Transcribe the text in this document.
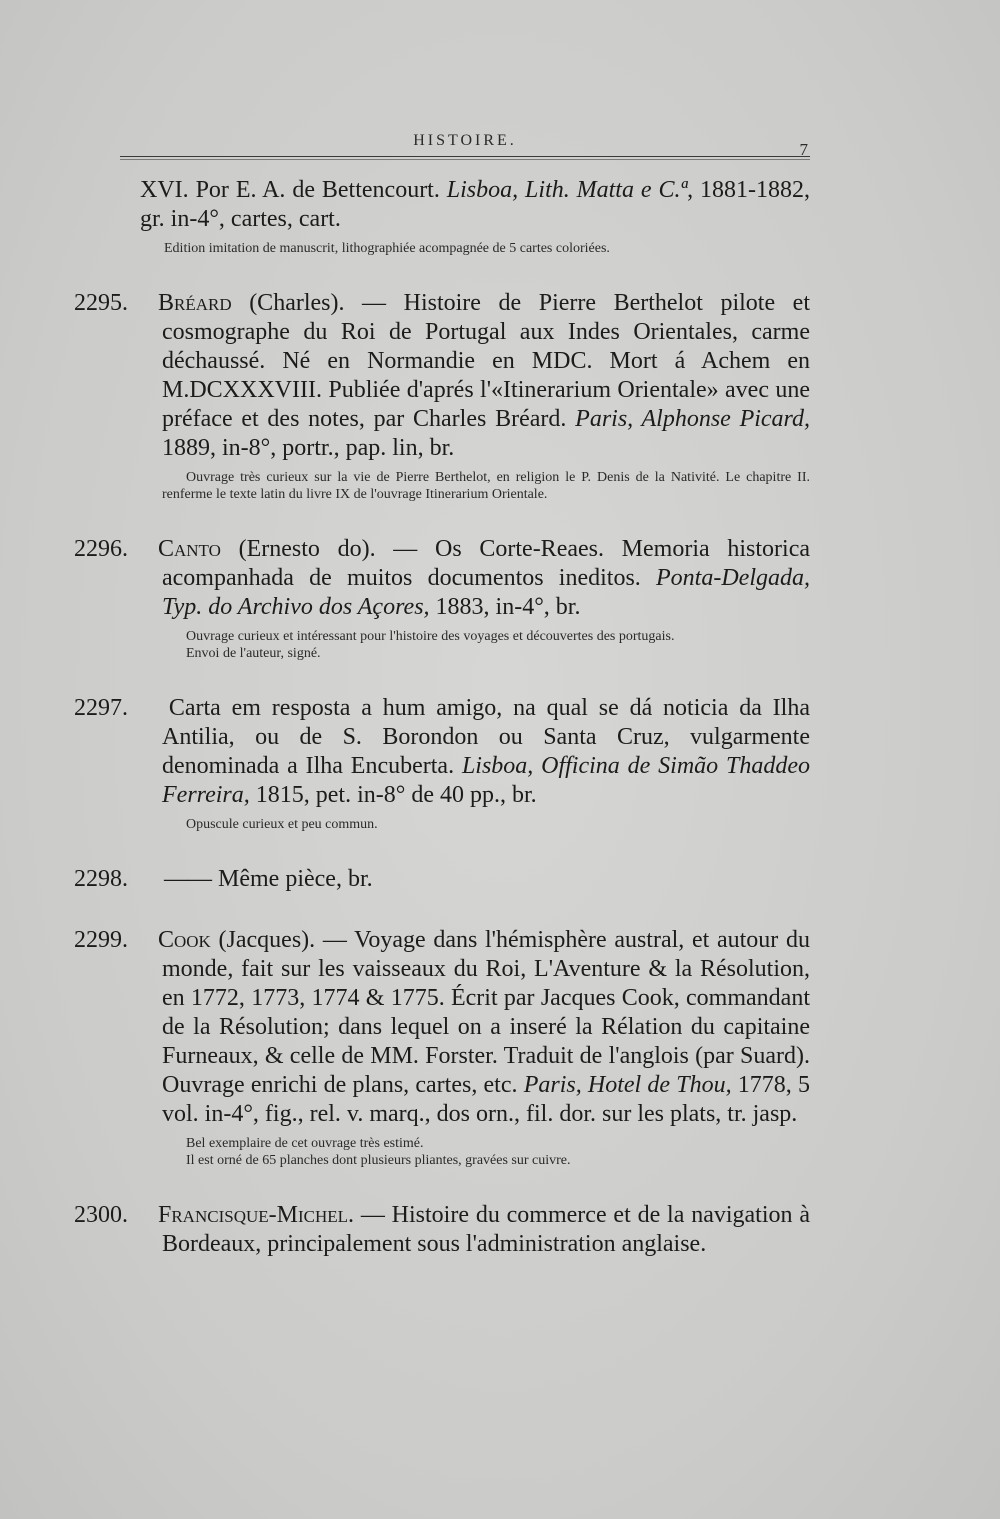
HISTOIRE.	7

XVI. Por E. A. de Bettencourt. Lisboa, Lith. Matta e C.ª, 1881-1882, gr. in-4°, cartes, cart.

Edition imitation de manuscrit, lithographiée acompagnée de 5 cartes coloriées.

2295. Bréard (Charles). — Histoire de Pierre Berthelot pilote et cosmographe du Roi de Portugal aux Indes Orientales, carme déchaussé. Né en Normandie en MDC. Mort á Achem en M.DCXXXVIII. Publiée d'aprés l'«Itinerarium Orientale» avec une préface et des notes, par Charles Bréard. Paris, Alphonse Picard, 1889, in-8°, portr., pap. lin, br.

Ouvrage très curieux sur la vie de Pierre Berthelot, en religion le P. Denis de la Nativité. Le chapitre II. renferme le texte latin du livre IX de l'ouvrage Itinerarium Orientale.

2296. Canto (Ernesto do). — Os Corte-Reaes. Memoria historica acompanhada de muitos documentos ineditos. Ponta-Delgada, Typ. do Archivo dos Açores, 1883, in-4°, br.

Ouvrage curieux et intéressant pour l'histoire des voyages et découvertes des portugais.

Envoi de l'auteur, signé.

2297. Carta em resposta a hum amigo, na qual se dá noticia da Ilha Antilia, ou de S. Borondon ou Santa Cruz, vulgarmente denominada a Ilha Encuberta. Lisboa, Officina de Simão Thaddeo Ferreira, 1815, pet. in-8° de 40 pp., br.

Opuscule curieux et peu commun.

2298. —— Même pièce, br.

2299. Cook (Jacques). — Voyage dans l'hémisphère austral, et autour du monde, fait sur les vaisseaux du Roi, L'Aventure & la Résolution, en 1772, 1773, 1774 & 1775. Écrit par Jacques Cook, commandant de la Résolution; dans lequel on a inseré la Rélation du capitaine Furneaux, & celle de MM. Forster. Traduit de l'anglois (par Suard). Ouvrage enrichi de plans, cartes, etc. Paris, Hotel de Thou, 1778, 5 vol. in-4°, fig., rel. v. marq., dos orn., fil. dor. sur les plats, tr. jasp.

Bel exemplaire de cet ouvrage très estimé.

Il est orné de 65 planches dont plusieurs pliantes, gravées sur cuivre.

2300. Francisque-Michel. — Histoire du commerce et de la navigation à Bordeaux, principalement sous l'administration anglaise.
